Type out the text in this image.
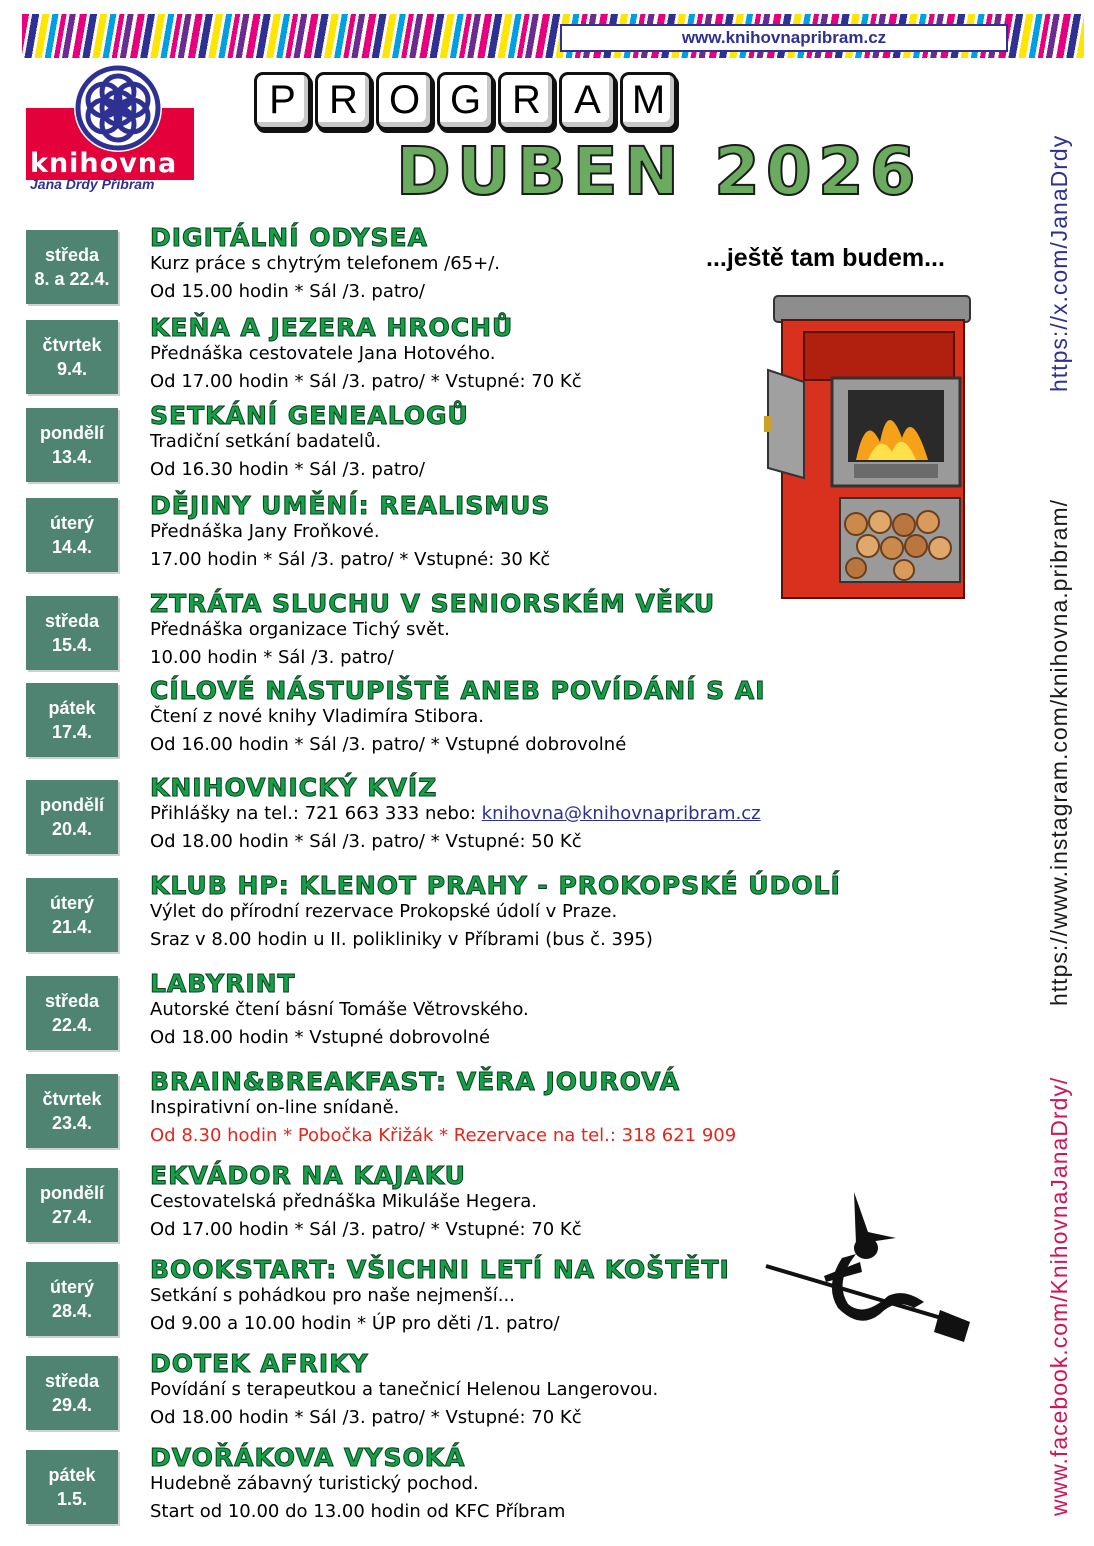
www.knihovnapribram.cz
knihovna
Jana Drdy Příbram
P R O G R A M
DUBEN 2026
...ještě tam budem...	https://x.com/JanaDrdy
https://www.instagram.com/knihovna.pribram/
www.facebook.com/KnihovnaJanaDrdy/
středa
8. a 22.4.
DIGITÁLNÍ ODYSEA
Kurz práce s chytrým telefonem /65+/.
Od 15.00 hodin * Sál /3. patro/
čtvrtek
9.4.
KEŇA A JEZERA HROCHŮ
Přednáška cestovatele Jana Hotového.
Od 17.00 hodin * Sál /3. patro/ * Vstupné: 70 Kč
pondělí
13.4.
SETKÁNÍ GENEALOGŮ
Tradiční setkání badatelů.
Od 16.30 hodin * Sál /3. patro/
úterý
14.4.
DĚJINY UMĚNÍ: REALISMUS
Přednáška Jany Froňkové.
17.00 hodin * Sál /3. patro/ * Vstupné: 30 Kč
středa
15.4.
ZTRÁTA SLUCHU V SENIORSKÉM VĚKU
Přednáška organizace Tichý svět.
10.00 hodin * Sál /3. patro/
pátek
17.4.
CÍLOVÉ NÁSTUPIŠTĚ ANEB POVÍDÁNÍ S AI
Čtení z nové knihy Vladimíra Stibora.
Od 16.00 hodin * Sál /3. patro/ * Vstupné dobrovolné
pondělí
20.4.
KNIHOVNICKÝ KVÍZ
Přihlášky na tel.: 721 663 333 nebo: knihovna@knihovnapribram.cz
Od 18.00 hodin * Sál /3. patro/ * Vstupné: 50 Kč
úterý
21.4.
KLUB HP: KLENOT PRAHY - PROKOPSKÉ ÚDOLÍ
Výlet do přírodní rezervace Prokopské údolí v Praze.
Sraz v 8.00 hodin u II. polikliniky v Příbrami (bus č. 395)
středa
22.4.
LABYRINT
Autorské čtení básní Tomáše Větrovského.
Od 18.00 hodin * Vstupné dobrovolné
čtvrtek
23.4.
BRAIN&BREAKFAST: VĚRA JOUROVÁ
Inspirativní on-line snídaně.
Od 8.30 hodin * Pobočka Křižák * Rezervace na tel.: 318 621 909
pondělí
27.4.
EKVÁDOR NA KAJAKU
Cestovatelská přednáška Mikuláše Hegera.
Od 17.00 hodin * Sál /3. patro/ * Vstupné: 70 Kč
úterý
28.4.
BOOKSTART: VŠICHNI LETÍ NA KOŠTĚTI
Setkání s pohádkou pro naše nejmenší...
Od 9.00 a 10.00 hodin * ÚP pro děti /1. patro/
středa
29.4.
DOTEK AFRIKY
Povídání s terapeutkou a tanečnicí Helenou Langerovou.
Od 18.00 hodin * Sál /3. patro/ * Vstupné: 70 Kč
pátek
1.5.
DVOŘÁKOVA VYSOKÁ
Hudebně zábavný turistický pochod.
Start od 10.00 do 13.00 hodin od KFC Příbram
